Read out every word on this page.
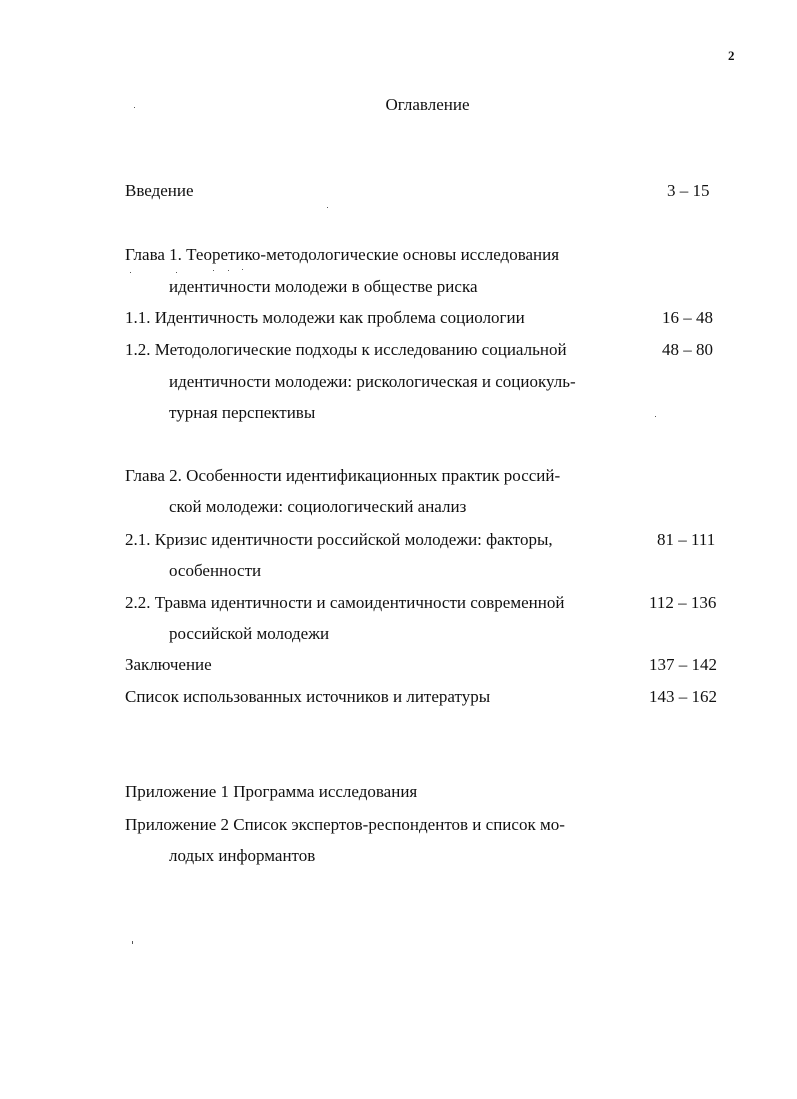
2
Оглавление
Введение	3 – 15
Глава 1. Теоретико-методологические основы исследования
идентичности молодежи в обществе риска
1.1. Идентичность молодежи как проблема социологии	16 – 48
1.2. Методологические подходы к исследованию социальной	48 – 80
идентичности молодежи: рискологическая и социокуль-
турная перспективы
Глава 2. Особенности идентификационных практик россий-
ской молодежи: социологический анализ
2.1. Кризис идентичности российской молодежи: факторы,	81 – 111
особенности
2.2. Травма идентичности и самоидентичности современной	112 – 136
российской молодежи
Заключение	137 – 142
Список использованных источников и литературы	143 – 162
Приложение 1 Программа исследования
Приложение 2 Список экспертов-респондентов и список мо-
лодых информантов
